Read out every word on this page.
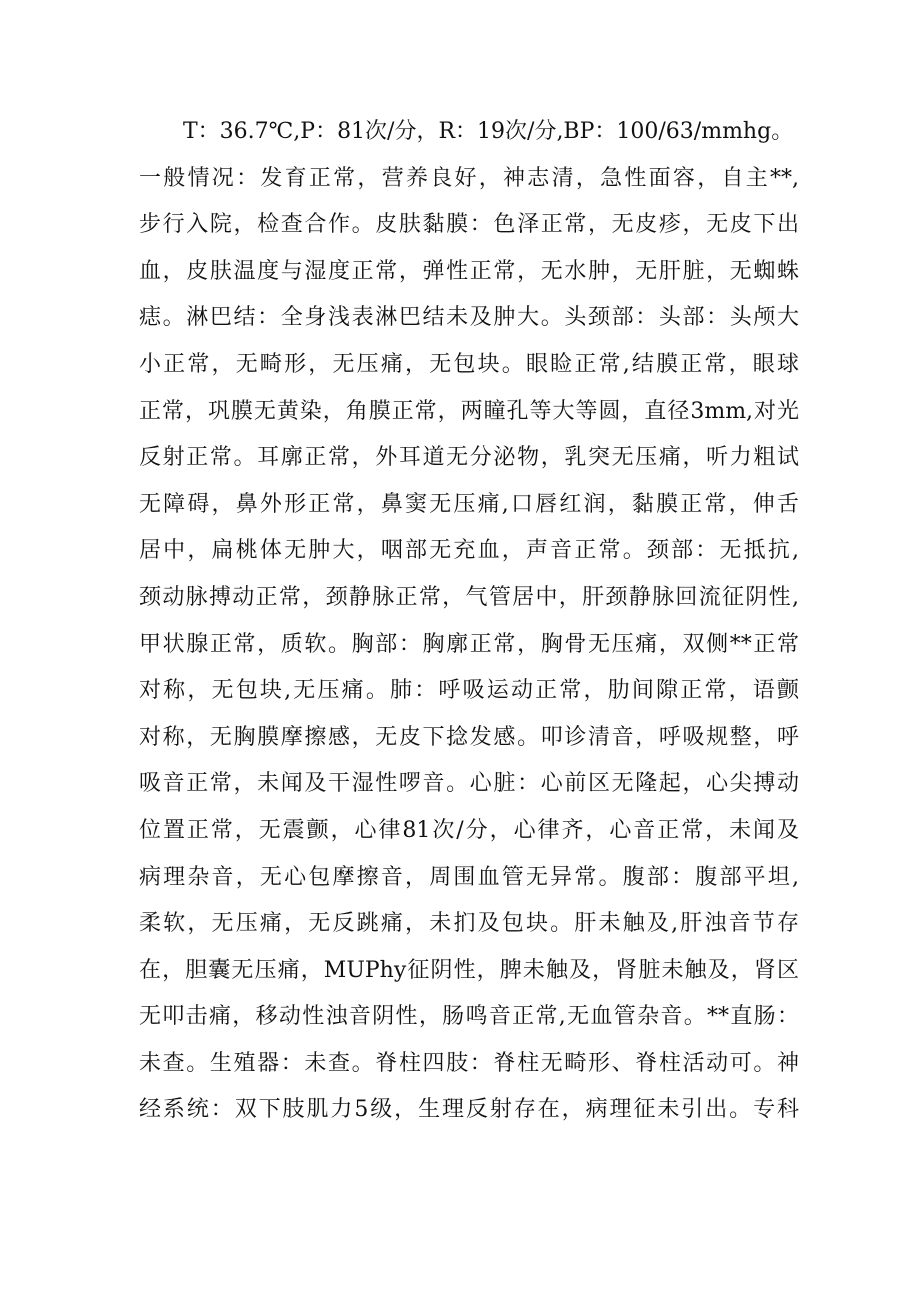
T：36.7℃,P：81次/分，R：19次/分,BP：100/63/mmhg。
一般情况：发育正常，营养良好，神志清，急性面容，自主**,
步行入院，检查合作。皮肤黏膜：色泽正常，无皮疹，无皮下出
血，皮肤温度与湿度正常，弹性正常，无水肿，无肝脏，无蜘蛛
痣。淋巴结：全身浅表淋巴结未及肿大。头颈部：头部：头颅大
小正常，无畸形，无压痛，无包块。眼睑正常,结膜正常，眼球
正常，巩膜无黄染，角膜正常，两瞳孔等大等圆，直径3mm,对光
反射正常。耳廓正常，外耳道无分泌物，乳突无压痛，听力粗试
无障碍，鼻外形正常，鼻窦无压痛,口唇红润，黏膜正常，伸舌
居中，扁桃体无肿大，咽部无充血，声音正常。颈部：无抵抗,
颈动脉搏动正常，颈静脉正常，气管居中，肝颈静脉回流征阴性,
甲状腺正常，质软。胸部：胸廓正常，胸骨无压痛，双侧**正常
对称，无包块,无压痛。肺：呼吸运动正常，肋间隙正常，语颤
对称，无胸膜摩擦感，无皮下捻发感。叩诊清音，呼吸规整，呼
吸音正常，未闻及干湿性啰音。心脏：心前区无隆起，心尖搏动
位置正常，无震颤，心律81次/分，心律齐，心音正常，未闻及
病理杂音，无心包摩擦音，周围血管无异常。腹部：腹部平坦,
柔软，无压痛，无反跳痛，未扪及包块。肝未触及,肝浊音节存
在，胆囊无压痛，MUPhy征阴性，脾未触及，肾脏未触及，肾区
无叩击痛，移动性浊音阴性，肠鸣音正常,无血管杂音。**直肠：
未查。生殖器：未查。脊柱四肢：脊柱无畸形、脊柱活动可。神
经系统：双下肢肌力5级，生理反射存在，病理征未引出。专科
